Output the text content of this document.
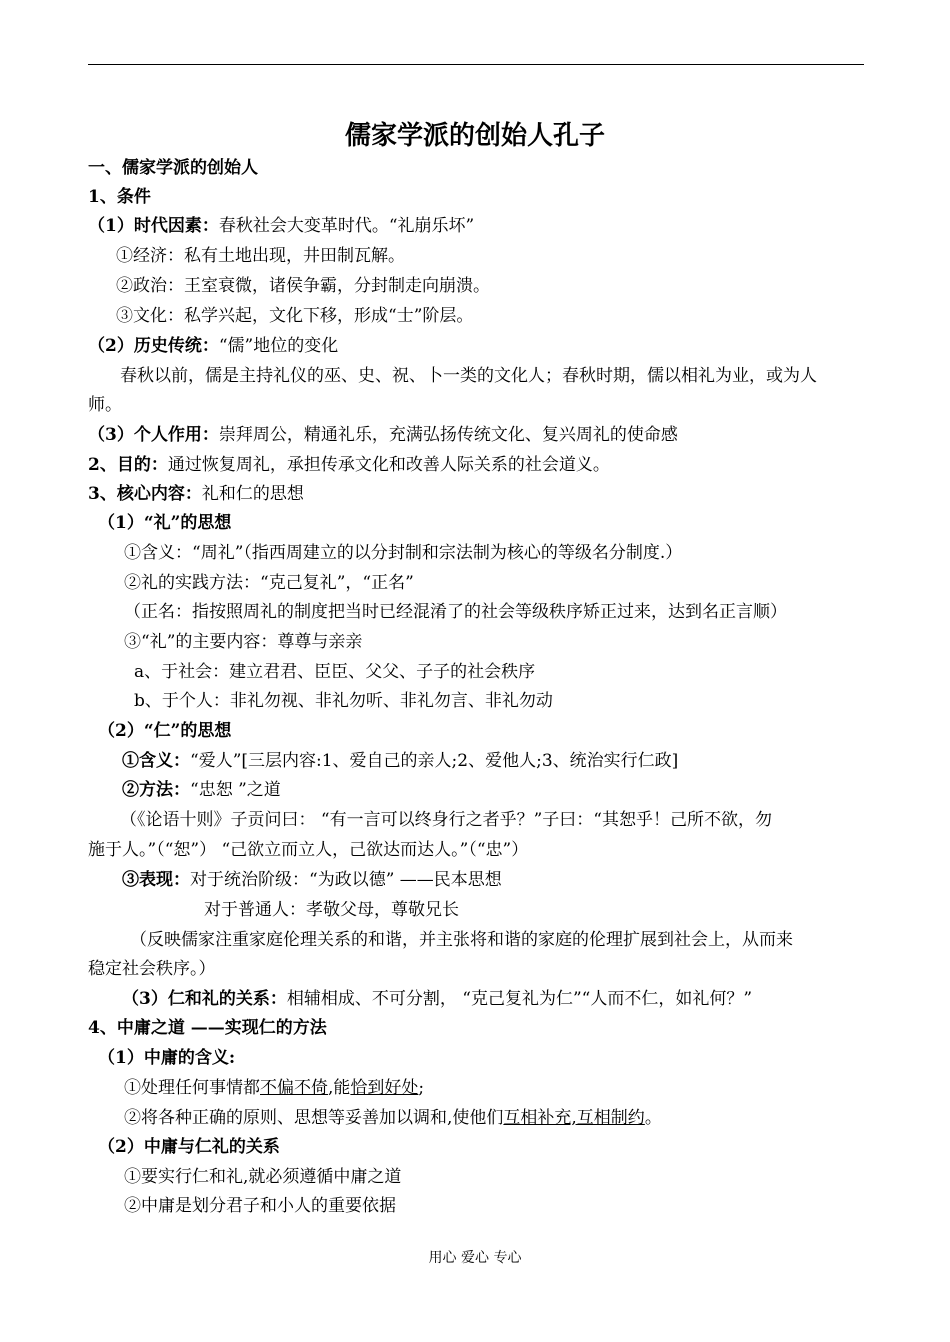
儒家学派的创始人孔子
一、儒家学派的创始人
1、条件
（1）时代因素：春秋社会大变革时代。“礼崩乐坏”
①经济：私有土地出现，井田制瓦解。
②政治：王室衰微，诸侯争霸，分封制走向崩溃。
③文化：私学兴起，文化下移，形成“士”阶层。
（2）历史传统：“儒”地位的变化
春秋以前，儒是主持礼仪的巫、史、祝、卜一类的文化人；春秋时期，儒以相礼为业，或为人
师。
（3）个人作用：崇拜周公，精通礼乐，充满弘扬传统文化、复兴周礼的使命感
2、目的：通过恢复周礼，承担传承文化和改善人际关系的社会道义。
3、核心内容：礼和仁的思想
（1）“礼”的思想
①含义：“周礼”（指西周建立的以分封制和宗法制为核心的等级名分制度.）
②礼的实践方法：“克己复礼”，“正名”
（正名：指按照周礼的制度把当时已经混淆了的社会等级秩序矫正过来，达到名正言顺）
③“礼”的主要内容：尊尊与亲亲
a、于社会：建立君君、臣臣、父父、子子的社会秩序
b、于个人：非礼勿视、非礼勿听、非礼勿言、非礼勿动
（2）“仁”的思想
①含义：“爱人”[三层内容:1、爱自己的亲人;2、爱他人;3、统治实行仁政]
②方法：“忠恕 ”之道
（《论语十则》子贡问曰： “有一言可以终身行之者乎？”子曰：“其恕乎！己所不欲，勿
施于人。”（“恕”） “己欲立而立人，己欲达而达人。”（“忠”）
③表现：对于统治阶级：“为政以德” ——民本思想
对于普通人：孝敬父母，尊敬兄长
（反映儒家注重家庭伦理关系的和谐，并主张将和谐的家庭的伦理扩展到社会上，从而来
稳定社会秩序。）
（3）仁和礼的关系：相辅相成、不可分割， “克己复礼为仁”“人而不仁，如礼何？”
4、中庸之道 ——实现仁的方法
（1）中庸的含义:
①处理任何事情都不偏不倚,能恰到好处;
②将各种正确的原则、思想等妥善加以调和,使他们互相补充,互相制约。
（2）中庸与仁礼的关系
①要实行仁和礼,就必须遵循中庸之道
②中庸是划分君子和小人的重要依据
用心 爱心 专心
